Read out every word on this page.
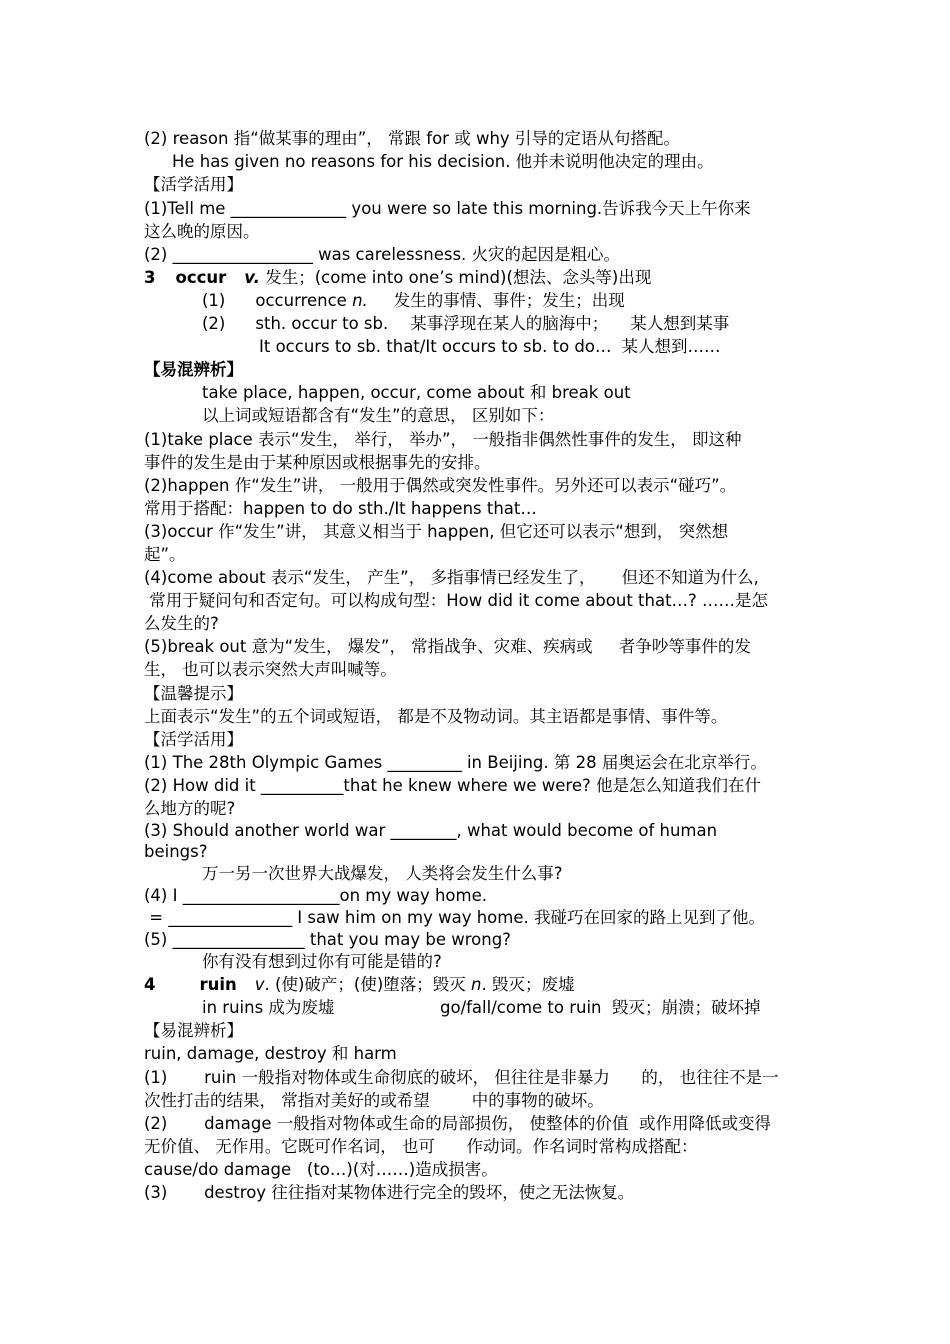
(2) reason 指“做某事的理由”， 常跟 for 或 why 引导的定语从句搭配。
He has given no reasons for his decision. 他并未说明他决定的理由。
【活学活用】
(1)Tell me ______________ you were so late this morning.告诉我今天上午你来
这么晚的原因。
(2) _________________ was carelessness. 火灾的起因是粗心。
3 occur v. 发生；(come into one’s mind)(想法、念头等)出现
(1) occurrence n. 发生的事情、事件；发生；出现
(2) sth. occur to sb. 某事浮现在某人的脑海中； 某人想到某事
It occurs to sb. that/It occurs to sb. to do… 某人想到……
【易混辨析】
take place, happen, occur, come about 和 break out
以上词或短语都含有“发生”的意思， 区别如下：
(1)take place 表示“发生， 举行， 举办”， 一般指非偶然性事件的发生， 即这种
事件的发生是由于某种原因或根据事先的安排。
(2)happen 作“发生”讲， 一般用于偶然或突发性事件。另外还可以表示“碰巧”。
常用于搭配：happen to do sth./It happens that…
(3)occur 作“发生”讲， 其意义相当于 happen, 但它还可以表示“想到， 突然想
起”。
(4)come about 表示“发生， 产生”， 多指事情已经发生了，     但还不知道为什么,
常用于疑问句和否定句。可以构成句型：How did it come about that…? ……是怎
么发生的?
(5)break out 意为“发生， 爆发”， 常指战争、灾难、疾病或     者争吵等事件的发
生， 也可以表示突然大声叫喊等。
【温馨提示】
上面表示“发生”的五个词或短语， 都是不及物动词。其主语都是事情、事件等。
【活学活用】
(1) The 28th Olympic Games _________ in Beijing. 第 28 届奥运会在北京举行。
(2) How did it __________that he knew where we were? 他是怎么知道我们在什
么地方的呢?
(3) Should another world war ________, what would become of human
beings?
万一另一次世界大战爆发， 人类将会发生什么事?
(4) I ___________________on my way home.
= _______________ I saw him on my way home. 我碰巧在回家的路上见到了他。
(5) ________________ that you may be wrong?
你有没有想到过你有可能是错的?
4	ruin v. (使)破产；(使)堕落；毁灭 n. 毁灭；废墟
in ruins 成为废墟	go/fall/come to ruin  毁灭；崩溃；破坏掉
【易混辨析】
ruin, damage, destroy 和 harm
(1)       ruin 一般指对物体或生命彻底的破坏， 但往往是非暴力      的， 也往往不是一
次性打击的结果， 常指对美好的或希望        中的事物的破坏。
(2)       damage 一般指对物体或生命的局部损伤， 使整体的价值  或作用降低或变得
无价值、 无作用。它既可作名词， 也可      作动词。作名词时常构成搭配：
cause/do damage   (to…)(对……)造成损害。
(3)       destroy 往往指对某物体进行完全的毁坏，使之无法恢复。
